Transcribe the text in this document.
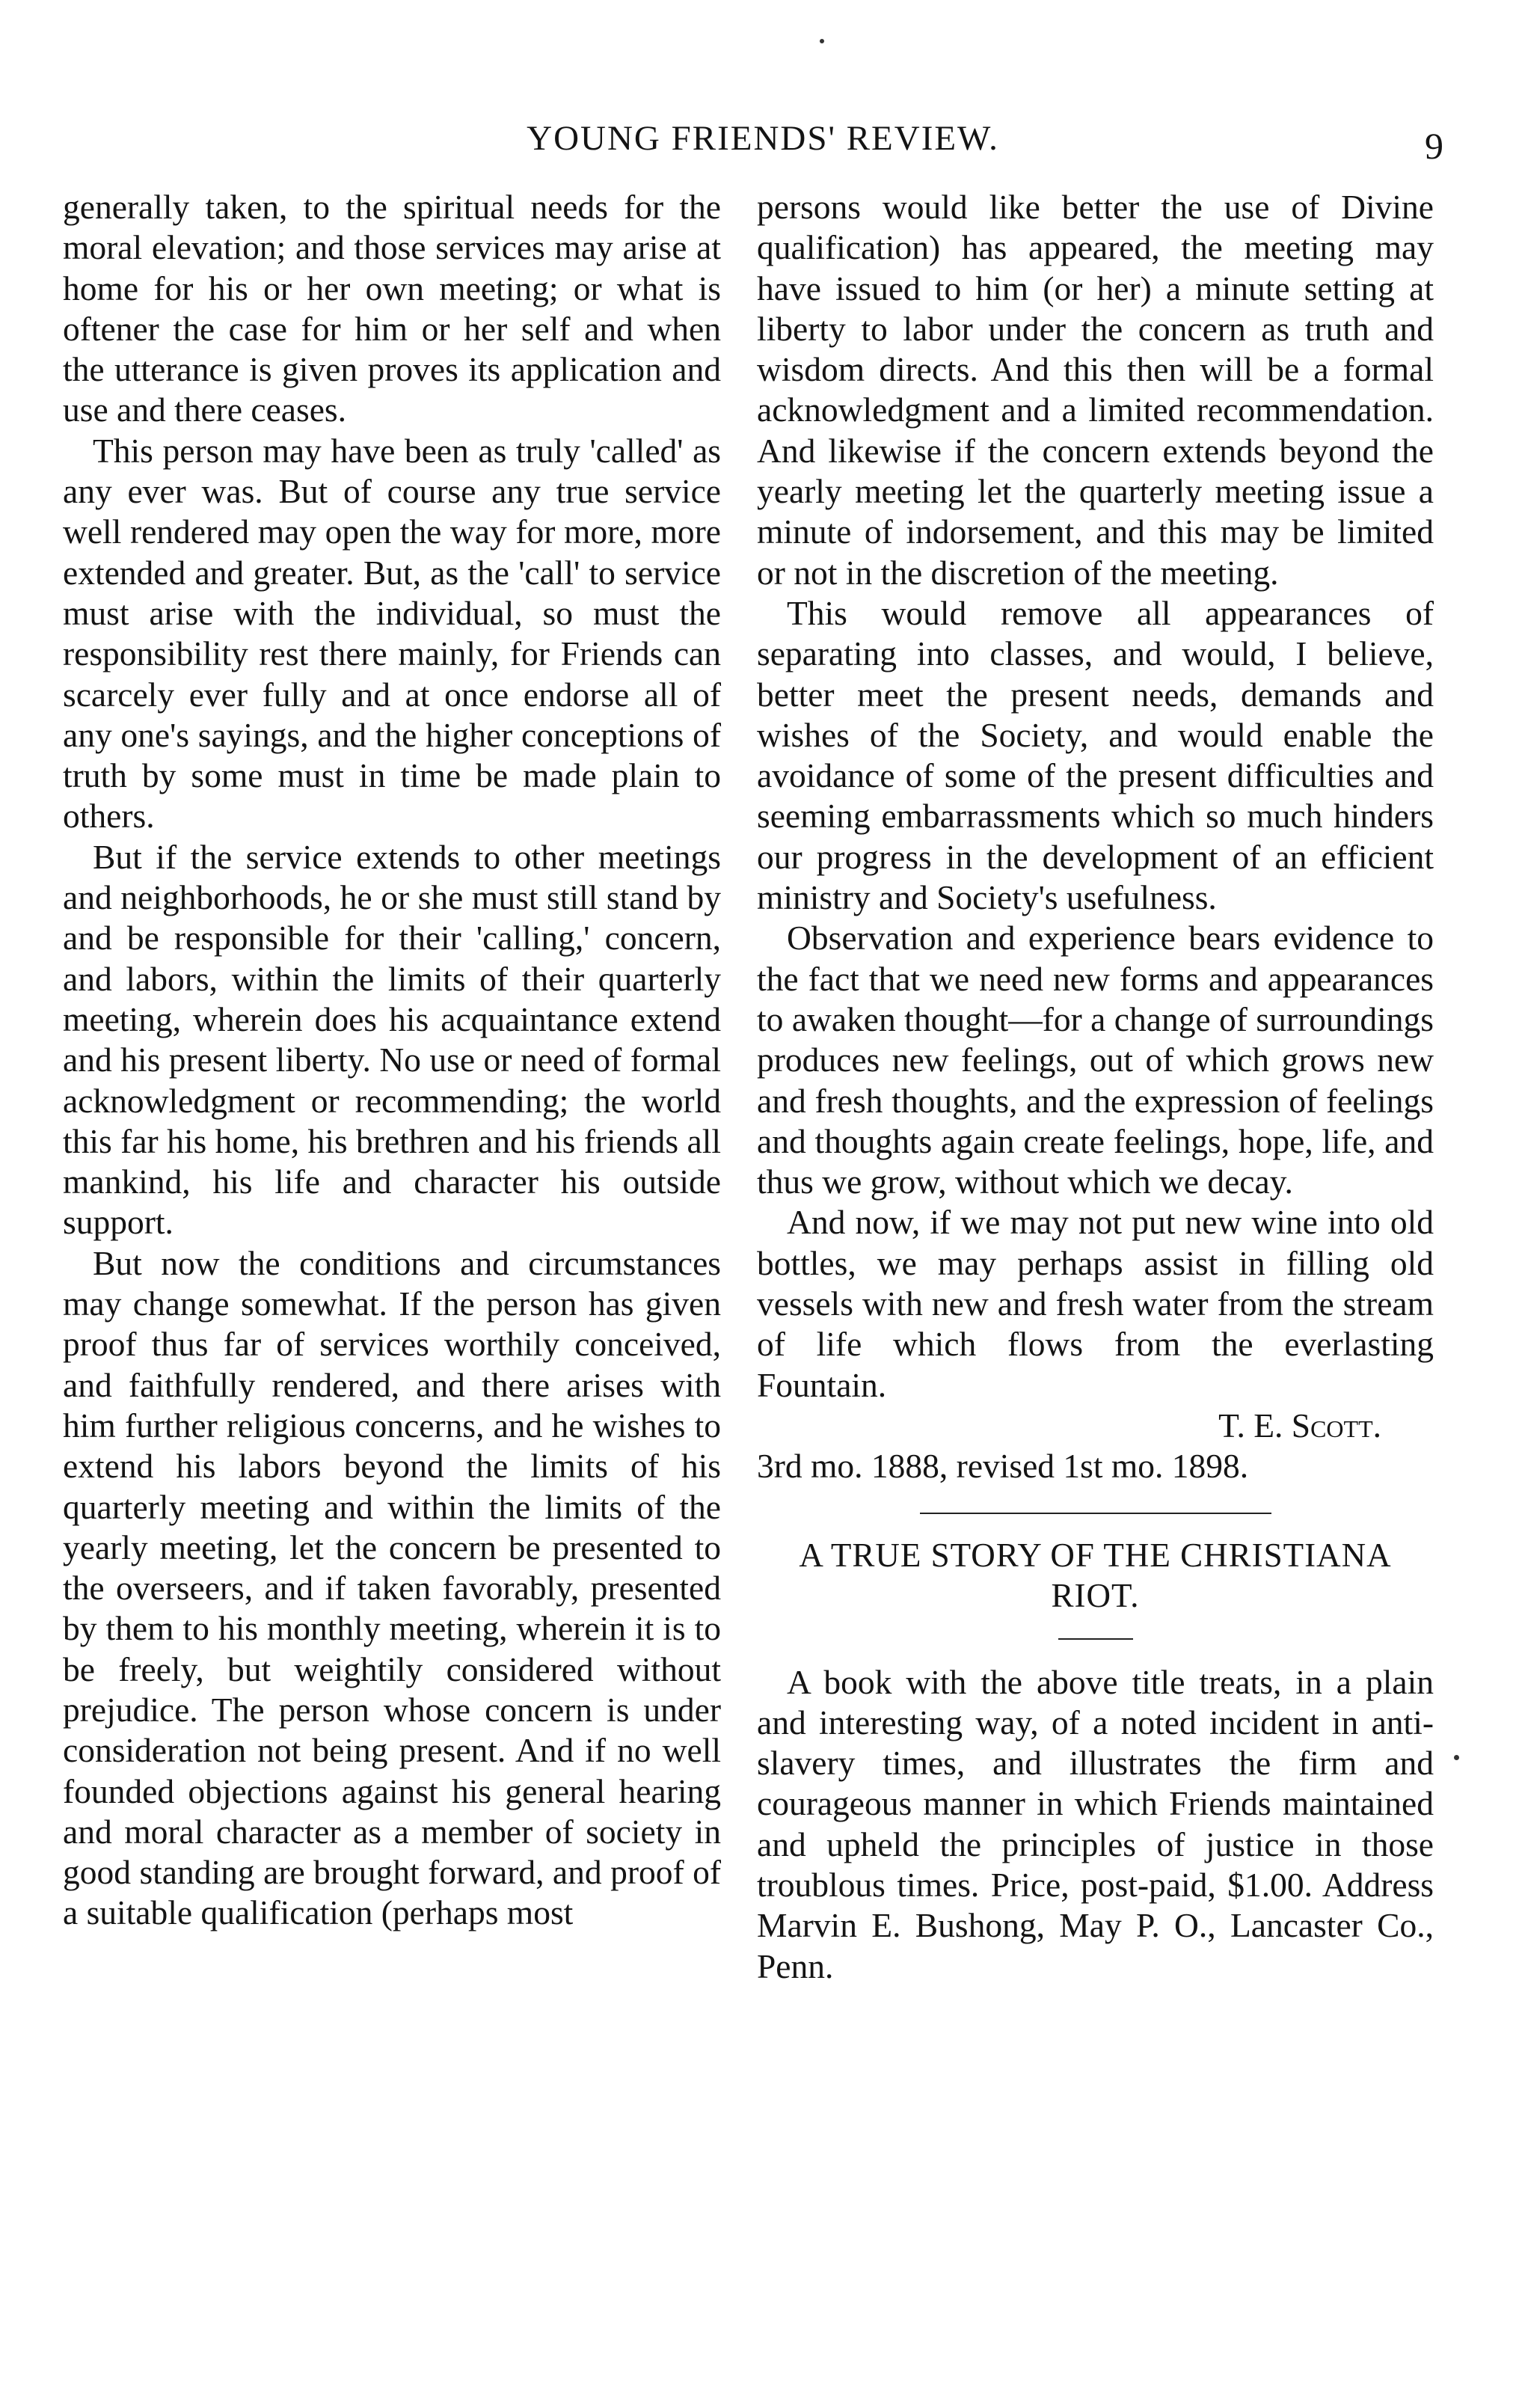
YOUNG FRIENDS' REVIEW.	9

generally taken, to the spiritual needs for the moral elevation; and those services may arise at home for his or her own meeting; or what is oftener the case for him or her self and when the utterance is given proves its application and use and there ceases.

This person may have been as truly 'called' as any ever was. But of course any true service well rendered may open the way for more, more extended and greater. But, as the 'call' to service must arise with the individual, so must the responsibility rest there mainly, for Friends can scarcely ever fully and at once endorse all of any one's sayings, and the higher conceptions of truth by some must in time be made plain to others.

But if the service extends to other meetings and neighborhoods, he or she must still stand by and be responsible for their 'calling,' concern, and labors, within the limits of their quarterly meeting, wherein does his acquaintance extend and his present liberty. No use or need of formal acknowledgment or recommending; the world this far his home, his brethren and his friends all mankind, his life and character his outside support.

But now the conditions and circumstances may change somewhat. If the person has given proof thus far of services worthily conceived, and faithfully rendered, and there arises with him further religious concerns, and he wishes to extend his labors beyond the limits of his quarterly meeting and within the limits of the yearly meeting, let the concern be presented to the overseers, and if taken favorably, presented by them to his monthly meeting, wherein it is to be freely, but weightily considered without prejudice. The person whose concern is under consideration not being present. And if no well founded objections against his general hearing and moral character as a member of society in good standing are brought forward, and proof of a suitable qualification (perhaps most

persons would like better the use of Divine qualification) has appeared, the meeting may have issued to him (or her) a minute setting at liberty to labor under the concern as truth and wisdom directs. And this then will be a formal acknowledgment and a limited recommendation. And likewise if the concern extends beyond the yearly meeting let the quarterly meeting issue a minute of indorsement, and this may be limited or not in the discretion of the meeting.

This would remove all appearances of separating into classes, and would, I believe, better meet the present needs, demands and wishes of the Society, and would enable the avoidance of some of the present difficulties and seeming embarrassments which so much hinders our progress in the development of an efficient ministry and Society's usefulness.

Observation and experience bears evidence to the fact that we need new forms and appearances to awaken thought—for a change of surroundings produces new feelings, out of which grows new and fresh thoughts, and the expression of feelings and thoughts again create feelings, hope, life, and thus we grow, without which we decay.

And now, if we may not put new wine into old bottles, we may perhaps assist in filling old vessels with new and fresh water from the stream of life which flows from the everlasting Fountain.

T. E. Scott.

3rd mo. 1888, revised 1st mo. 1898.

A TRUE STORY OF THE CHRISTIANA RIOT.

A book with the above title treats, in a plain and interesting way, of a noted incident in anti-slavery times, and illustrates the firm and courageous manner in which Friends maintained and upheld the principles of justice in those troublous times. Price, post-paid, $1.00. Address Marvin E. Bushong, May P. O., Lancaster Co., Penn.
